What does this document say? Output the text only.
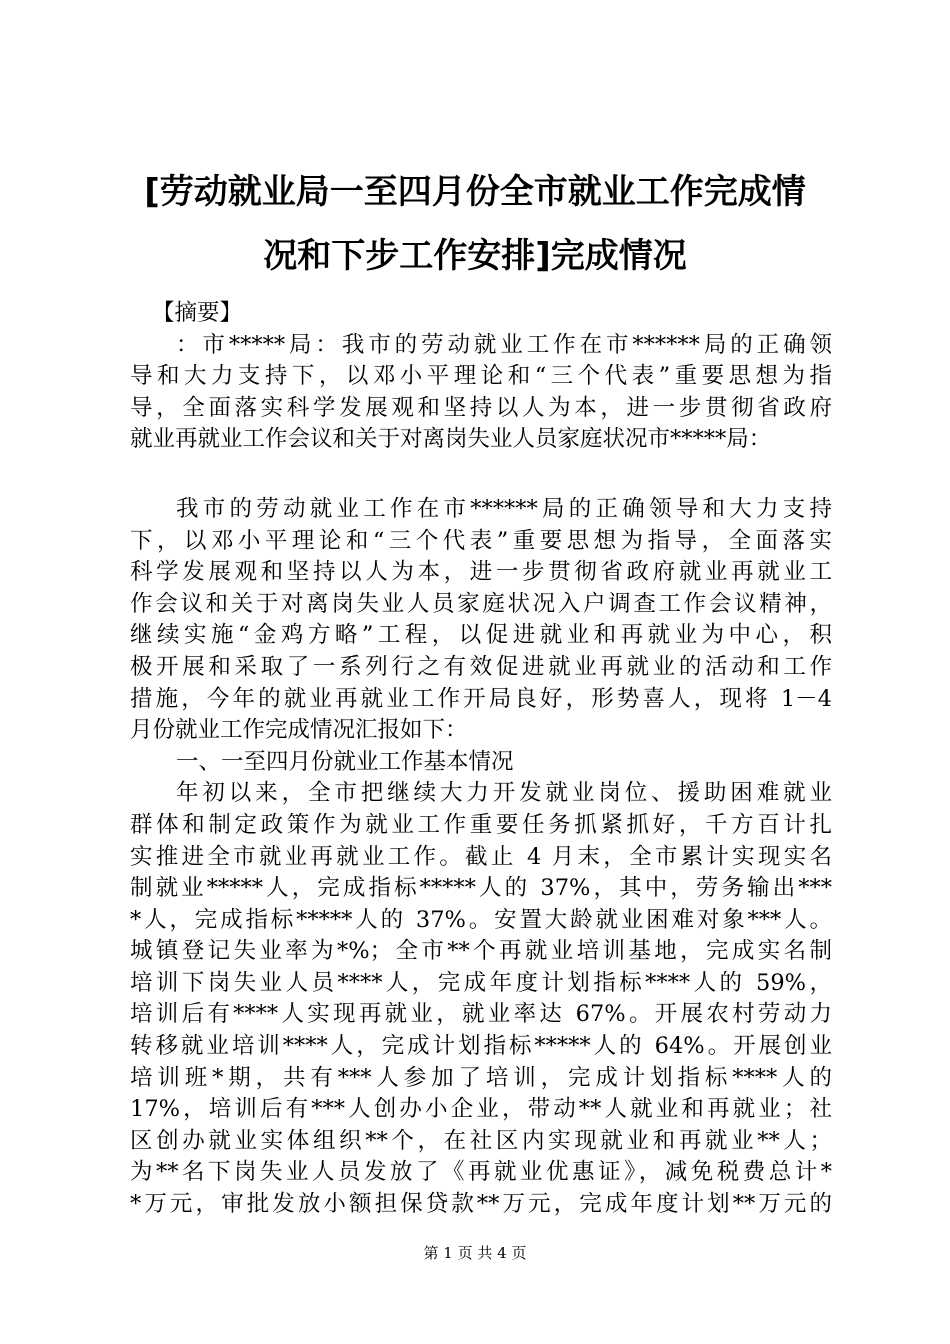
[劳动就业局一至四月份全市就业工作完成情
况和下步工作安排]完成情况
【摘要】
：市*****局：我市的劳动就业工作在市******局的正确领
导和大力支持下，以邓小平理论和“三个代表”重要思想为指
导，全面落实科学发展观和坚持以人为本，进一步贯彻省政府
就业再就业工作会议和关于对离岗失业人员家庭状况市*****局：
我市的劳动就业工作在市******局的正确领导和大力支持
下，以邓小平理论和“三个代表”重要思想为指导，全面落实
科学发展观和坚持以人为本，进一步贯彻省政府就业再就业工
作会议和关于对离岗失业人员家庭状况入户调查工作会议精神，
继续实施“金鸡方略”工程，以促进就业和再就业为中心，积
极开展和采取了一系列行之有效促进就业再就业的活动和工作
措施，今年的就业再就业工作开局良好，形势喜人，现将 1－4
月份就业工作完成情况汇报如下：
一、一至四月份就业工作基本情况
年初以来，全市把继续大力开发就业岗位、援助困难就业
群体和制定政策作为就业工作重要任务抓紧抓好，千方百计扎
实推进全市就业再就业工作。截止 4 月末，全市累计实现实名
制就业*****人，完成指标*****人的 37%，其中，劳务输出***
*人，完成指标*****人的 37%。安置大龄就业困难对象***人。
城镇登记失业率为*%；全市**个再就业培训基地，完成实名制
培训下岗失业人员****人，完成年度计划指标****人的 59%，
培训后有****人实现再就业，就业率达 67%。开展农村劳动力
转移就业培训****人，完成计划指标*****人的 64%。开展创业
培训班*期，共有***人参加了培训，完成计划指标****人的
17%，培训后有***人创办小企业，带动**人就业和再就业；社
区创办就业实体组织**个，在社区内实现就业和再就业**人；
为**名下岗失业人员发放了《再就业优惠证》，减免税费总计*
*万元，审批发放小额担保贷款**万元，完成年度计划**万元的
第 1 页 共 4 页
